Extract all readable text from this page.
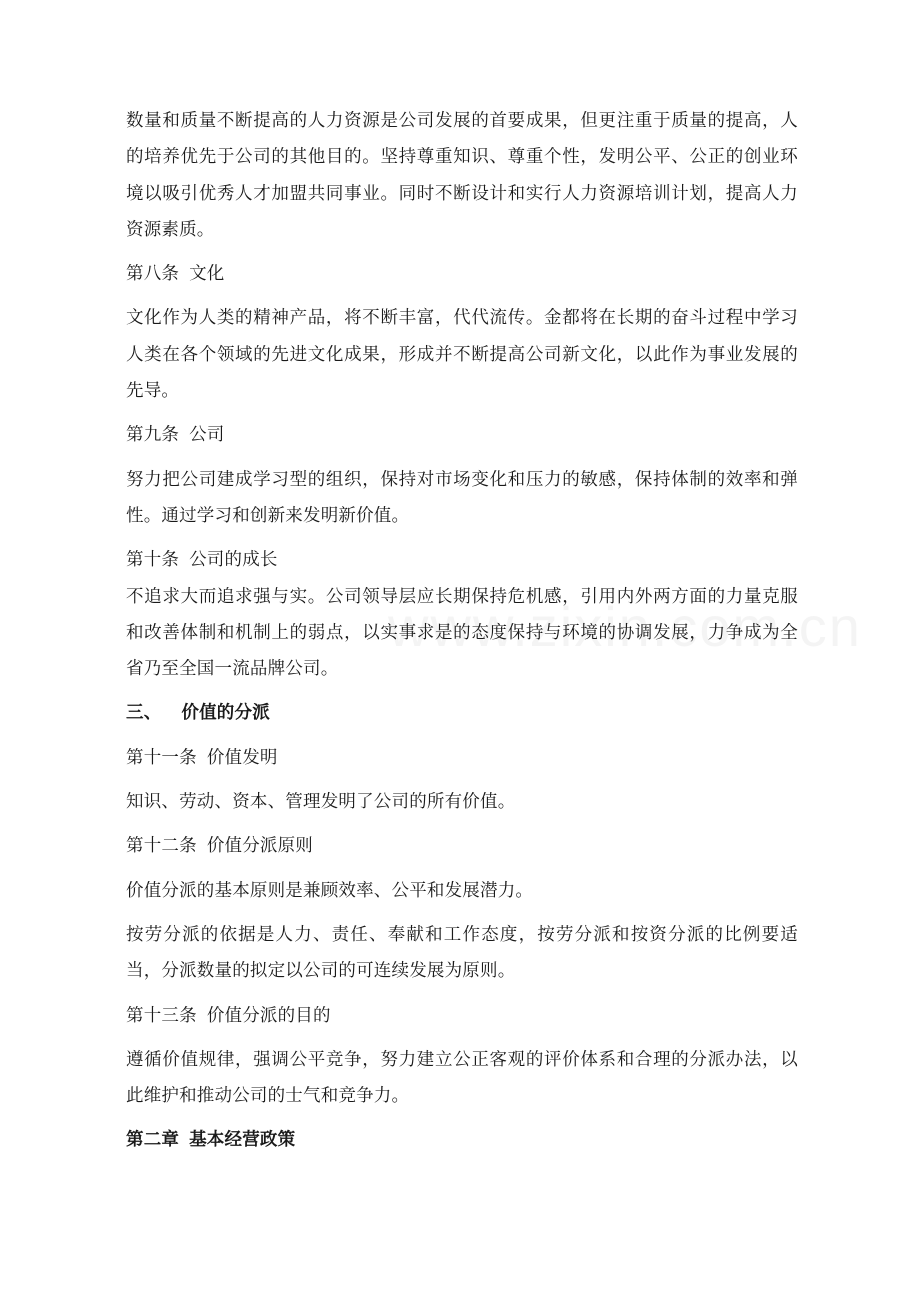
数量和质量不断提高的人力资源是公司发展的首要成果，但更注重于质量的提高，人的培养优先于公司的其他目的。坚持尊重知识、尊重个性，发明公平、公正的创业环境以吸引优秀人才加盟共同事业。同时不断设计和实行人力资源培训计划，提高人力资源素质。

第八条 文化

文化作为人类的精神产品，将不断丰富，代代流传。金都将在长期的奋斗过程中学习人类在各个领域的先进文化成果，形成并不断提高公司新文化，以此作为事业发展的先导。

第九条 公司

努力把公司建成学习型的组织，保持对市场变化和压力的敏感，保持体制的效率和弹性。通过学习和创新来发明新价值。

第十条 公司的成长

不追求大而追求强与实。公司领导层应长期保持危机感，引用内外两方面的力量克服和改善体制和机制上的弱点，以实事求是的态度保持与环境的协调发展，力争成为全省乃至全国一流品牌公司。

三、 价值的分派

第十一条 价值发明

知识、劳动、资本、管理发明了公司的所有价值。

第十二条 价值分派原则

价值分派的基本原则是兼顾效率、公平和发展潜力。

按劳分派的依据是人力、责任、奉献和工作态度，按劳分派和按资分派的比例要适当，分派数量的拟定以公司的可连续发展为原则。

第十三条 价值分派的目的

遵循价值规律，强调公平竞争，努力建立公正客观的评价体系和合理的分派办法，以此维护和推动公司的士气和竞争力。

第二章 基本经营政策
